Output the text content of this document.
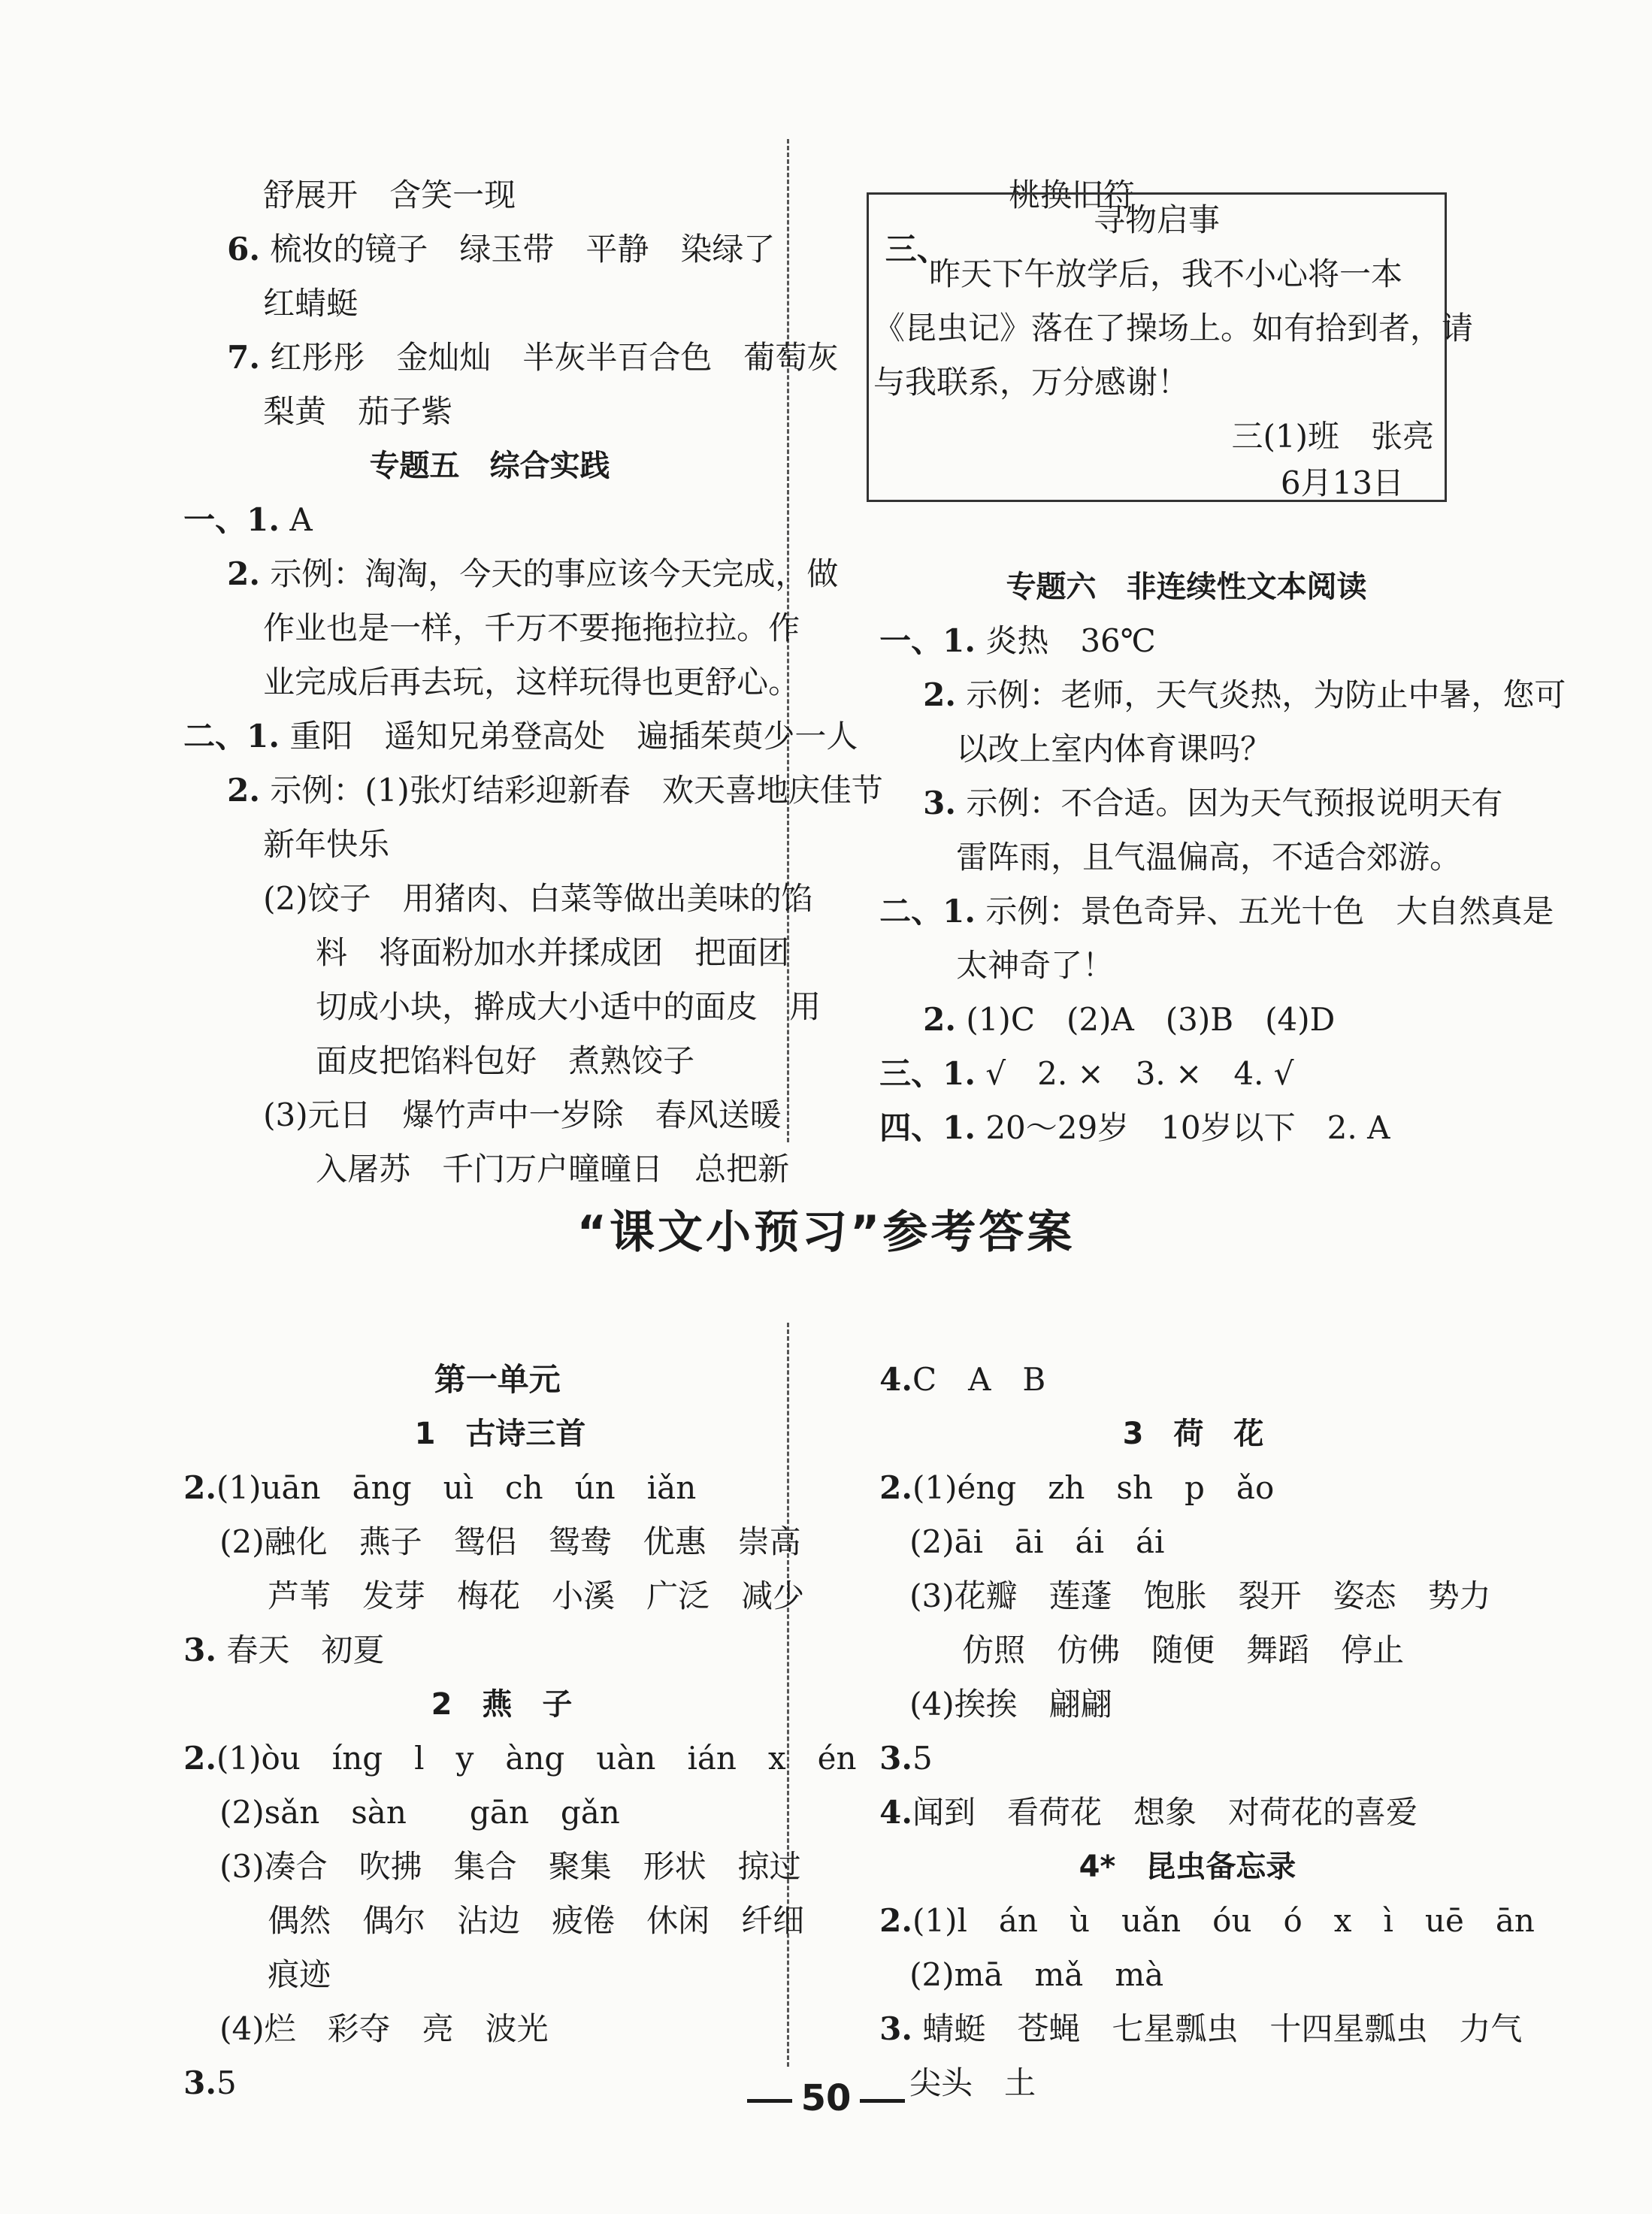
舒展开　含笑一现

6. 梳妆的镜子　绿玉带　平静　染绿了

红蜻蜓

7. 红彤彤　金灿灿　半灰半百合色　葡萄灰

梨黄　茄子紫

专题五　综合实践

一、1. A

2. 示例：淘淘，今天的事应该今天完成，做

作业也是一样，千万不要拖拖拉拉。作

业完成后再去玩，这样玩得也更舒心。

二、1. 重阳　遥知兄弟登高处　遍插茱萸少一人

2. 示例：(1)张灯结彩迎新春　欢天喜地庆佳节

新年快乐

(2)饺子　用猪肉、白菜等做出美味的馅

料　将面粉加水并揉成团　把面团

切成小块，擀成大小适中的面皮　用

面皮把馅料包好　煮熟饺子

(3)元日　爆竹声中一岁除　春风送暖

入屠苏　千门万户曈曈日　总把新

桃换旧符

三、
寻物启事
昨天下午放学后，我不小心将一本
《昆虫记》落在了操场上。如有拾到者，请
与我联系，万分感谢！
三(1)班　张亮
6月13日

专题六　非连续性文本阅读

一、1. 炎热　36℃

2. 示例：老师，天气炎热，为防止中暑，您可

以改上室内体育课吗？

3. 示例：不合适。因为天气预报说明天有

雷阵雨，且气温偏高，不适合郊游。

二、1. 示例：景色奇异、五光十色　大自然真是

太神奇了！

2. (1)C　(2)A　(3)B　(4)D

三、1. √　2. ×　3. ×　4. √

四、1. 20～29岁　10岁以下　2. A
“课文小预习”参考答案

第一单元

1　古诗三首

2.(1)uān　āng　uì　ch　ún　iǎn

(2)融化　燕子　鸳侣　鸳鸯　优惠　崇高

芦苇　发芽　梅花　小溪　广泛　减少

3. 春天　初夏

2　燕　子

2.(1)òu　íng　l　y　àng　uàn　ián　x　én

(2)sǎn　sàn　　gān　gǎn

(3)凑合　吹拂　集合　聚集　形状　掠过

偶然　偶尔　沾边　疲倦　休闲　纤细

痕迹

(4)烂　彩夺　亮　波光

3.5

4.C　A　B

3　荷　花

2.(1)éng　zh　sh　p　ǎo

(2)āi　āi　ái　ái

(3)花瓣　莲蓬　饱胀　裂开　姿态　势力

仿照　仿佛　随便　舞蹈　停止

(4)挨挨　翩翩

3.5

4.闻到　看荷花　想象　对荷花的喜爱

4*　昆虫备忘录

2.(1)l　án　ù　uǎn　óu　ó　x　ì　uē　ān

(2)mā　mǎ　mà

3. 蜻蜓　苍蝇　七星瓢虫　十四星瓢虫　力气

尖头　土
50
